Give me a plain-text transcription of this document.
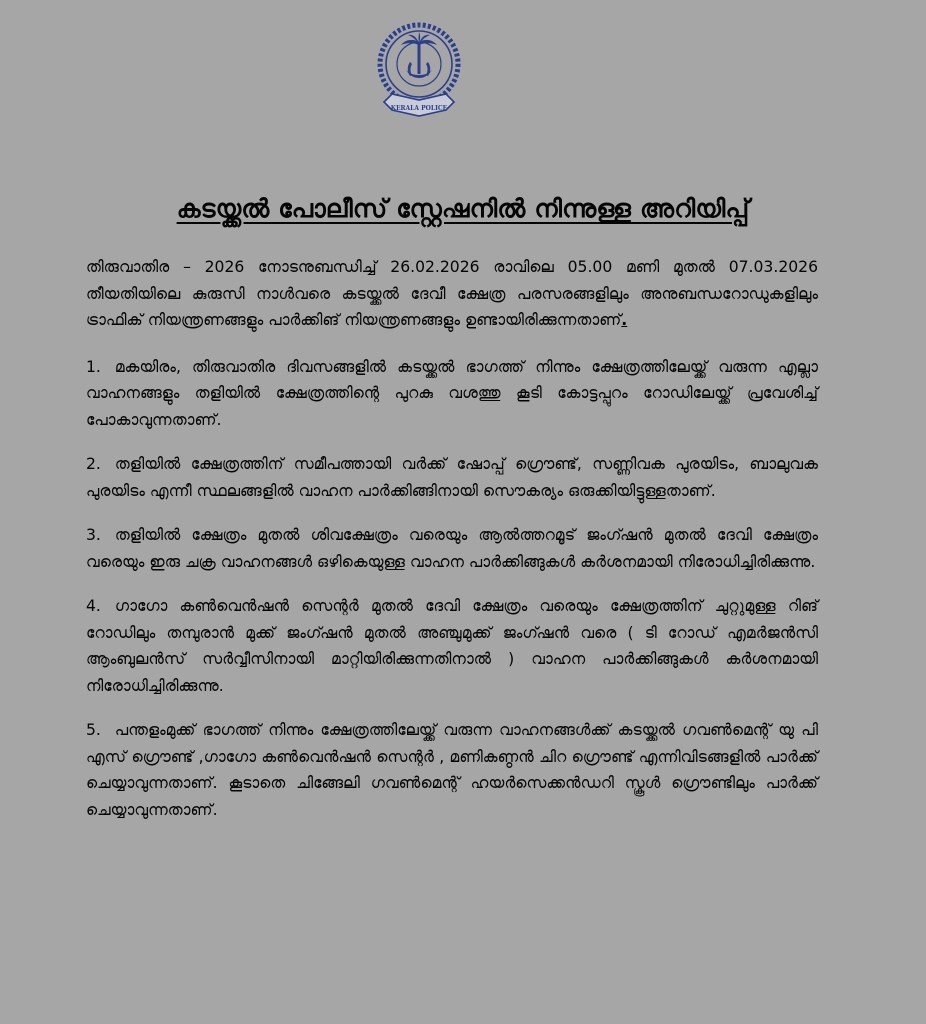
KERALA POLICE
കടയ്ക്കൽ പോലീസ് സ്റ്റേഷനിൽ നിന്നുള്ള അറിയിപ്പ്

തിരുവാതിര – 2026 നോടനുബന്ധിച്ച് 26.02.2026 രാവിലെ 05.00 മണി മുതൽ 07.03.2026 തീയതിയിലെ കുരുസി നാൾവരെ കടയ്ക്കൽ ദേവീ ക്ഷേത്ര പരസരങ്ങളിലും അനുബന്ധറോഡുകളിലും ട്രാഫിക് നിയന്ത്രണങ്ങളും പാർക്കിങ് നിയന്ത്രണങ്ങളും ഉണ്ടായിരിക്കുന്നതാണ്.

1. മകയിരം, തിരുവാതിര ദിവസങ്ങളിൽ കടയ്ക്കൽ ഭാഗത്ത് നിന്നും ക്ഷേത്രത്തിലേയ്ക്ക് വരുന്ന എല്ലാ വാഹനങ്ങളും തളിയിൽ ക്ഷേത്രത്തിന്റെ പുറകു വശത്തു കൂടി കോട്ടപ്പുറം റോഡിലേയ്ക്ക് പ്രവേശിച്ച് പോകാവുന്നതാണ്.

2. തളിയിൽ ക്ഷേത്രത്തിന് സമീപത്തായി വർക്ക് ഷോപ്പ് ഗ്രൌണ്ട്, സണ്ണിവക പുരയിടം, ബാലുവക പുരയിടം എന്നീ സ്ഥലങ്ങളിൽ വാഹന പാർക്കിങ്ങിനായി സൌകര്യം ഒരുക്കിയിട്ടുള്ളതാണ്.

3. തളിയിൽ ക്ഷേത്രം മുതൽ ശിവക്ഷേത്രം വരെയും ആൽത്തറമൂട് ജംഗ്ഷൻ മുതൽ ദേവി ക്ഷേത്രം വരെയും ഇരു ചക്ര വാഹനങ്ങൾ ഒഴികെയുള്ള വാഹന പാർക്കിങ്ങുകൾ കർശനമായി നിരോധിച്ചിരിക്കുന്നു.

4. ഗാഗോ കൺവെൻഷൻ സെന്റർ മുതൽ ദേവി ക്ഷേത്രം വരെയും ക്ഷേത്രത്തിന് ചുറ്റുമുള്ള റിങ് റോഡിലും തമ്പുരാൻ മുക്ക് ജംഗ്ഷൻ മുതൽ അഞ്ചുമുക്ക് ജംഗ്ഷൻ വരെ ( ടി റോഡ് എമർജൻസി ആംബുലൻസ് സർവ്വീസിനായി മാറ്റിയിരിക്കുന്നതിനാൽ ) വാഹന പാർക്കിങ്ങുകൾ കർശനമായി നിരോധിച്ചിരിക്കുന്നു.

5. പന്തളംമുക്ക് ഭാഗത്ത് നിന്നും ക്ഷേത്രത്തിലേയ്ക്ക് വരുന്ന വാഹനങ്ങൾക്ക് കടയ്ക്കൽ ഗവൺമെന്റ് യു പി എസ് ഗ്രൌണ്ട് ,ഗാഗോ കൺവെൻഷൻ സെന്റർ , മണികണ്ഠൻ ചിറ ഗ്രൌണ്ട് എന്നിവിടങ്ങളിൽ പാർക്ക് ചെയ്യാവുന്നതാണ്. കൂടാതെ ചിങ്ങേലി ഗവൺമെന്റ് ഹയർസെക്കൻഡറി സ്കൂൾ ഗ്രൌണ്ടിലും പാർക്ക് ചെയ്യാവുന്നതാണ്.
